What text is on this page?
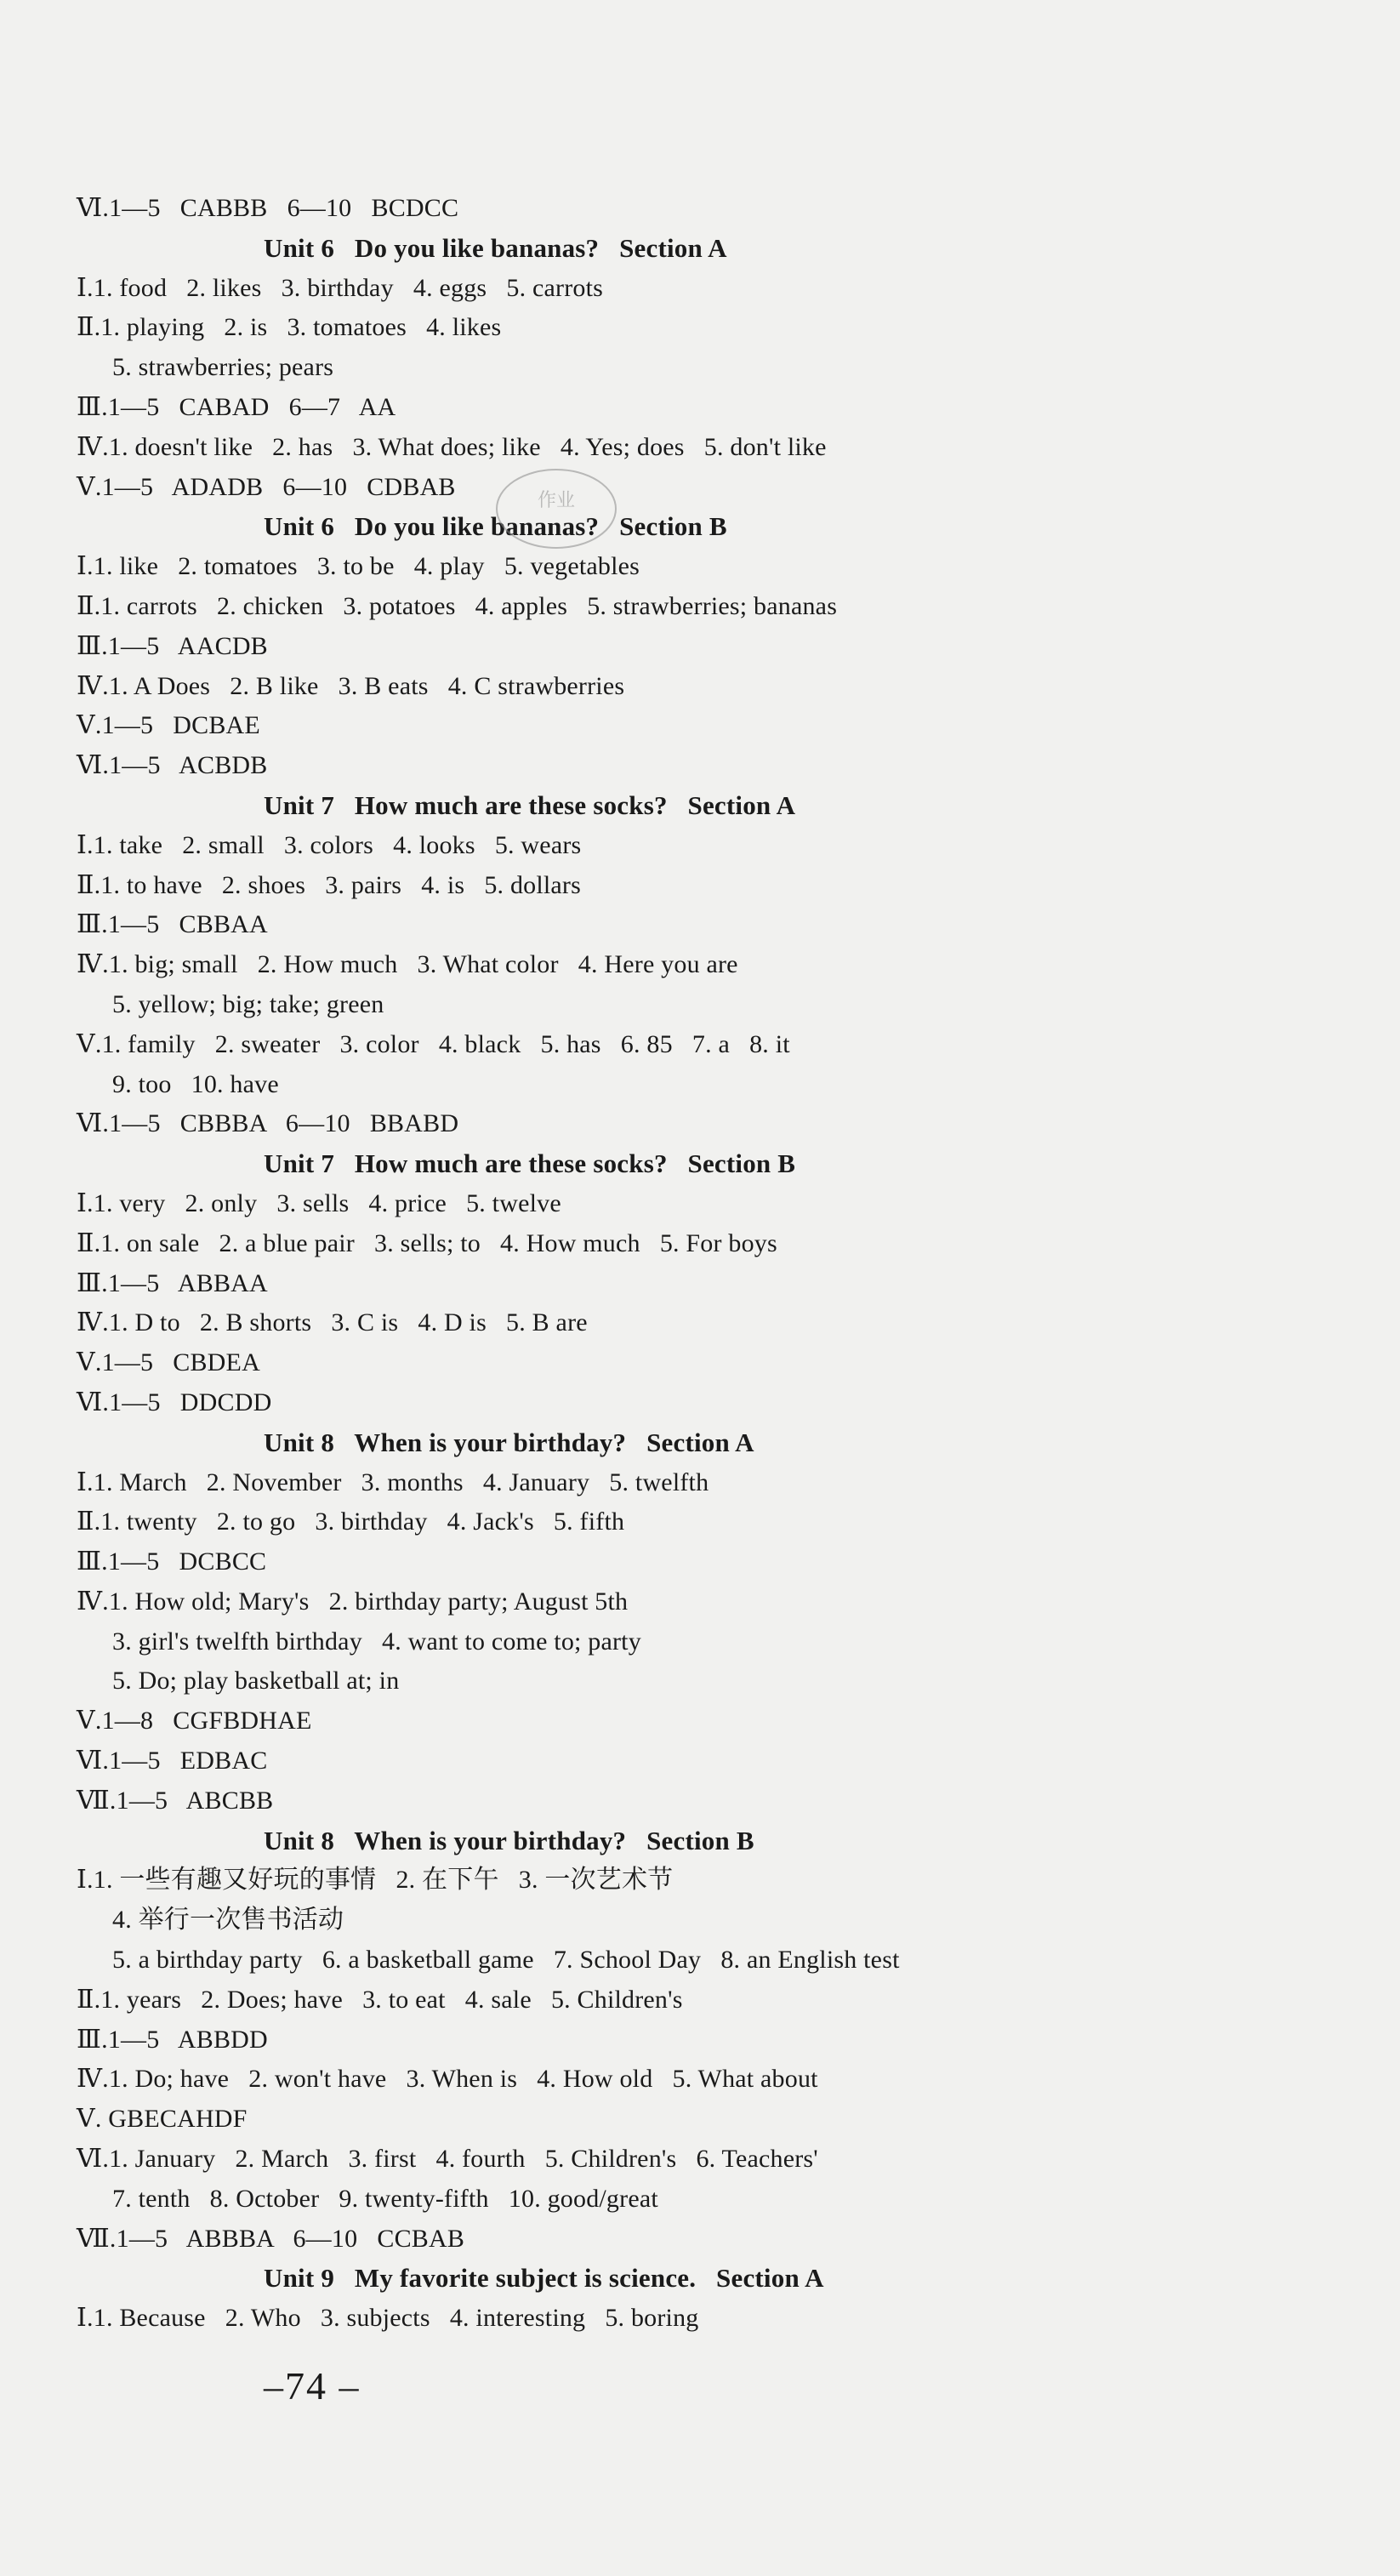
Ⅵ.1—5   CABBB   6—10   BCDCC
Unit 6   Do you like bananas?   Section A
Ⅰ.1. food   2. likes   3. birthday   4. eggs   5. carrots
Ⅱ.1. playing   2. is   3. tomatoes   4. likes
5. strawberries; pears
Ⅲ.1—5   CABAD   6—7   AA
Ⅳ.1. doesn't like   2. has   3. What does; like   4. Yes; does   5. don't like
Ⅴ.1—5   ADADB   6—10   CDBAB
Unit 6   Do you like bananas?   Section B
Ⅰ.1. like   2. tomatoes   3. to be   4. play   5. vegetables
Ⅱ.1. carrots   2. chicken   3. potatoes   4. apples   5. strawberries; bananas
Ⅲ.1—5   AACDB
Ⅳ.1. A Does   2. B like   3. B eats   4. C strawberries
Ⅴ.1—5   DCBAE
Ⅵ.1—5   ACBDB
Unit 7   How much are these socks?   Section A
Ⅰ.1. take   2. small   3. colors   4. looks   5. wears
Ⅱ.1. to have   2. shoes   3. pairs   4. is   5. dollars
Ⅲ.1—5   CBBAA
Ⅳ.1. big; small   2. How much   3. What color   4. Here you are
5. yellow; big; take; green
Ⅴ.1. family   2. sweater   3. color   4. black   5. has   6. 85   7. a   8. it
9. too   10. have
Ⅵ.1—5   CBBBA   6—10   BBABD
Unit 7   How much are these socks?   Section B
Ⅰ.1. very   2. only   3. sells   4. price   5. twelve
Ⅱ.1. on sale   2. a blue pair   3. sells; to   4. How much   5. For boys
Ⅲ.1—5   ABBAA
Ⅳ.1. D to   2. B shorts   3. C is   4. D is   5. B are
Ⅴ.1—5   CBDEA
Ⅵ.1—5   DDCDD
Unit 8   When is your birthday?   Section A
Ⅰ.1. March   2. November   3. months   4. January   5. twelfth
Ⅱ.1. twenty   2. to go   3. birthday   4. Jack's   5. fifth
Ⅲ.1—5   DCBCC
Ⅳ.1. How old; Mary's   2. birthday party; August 5th
3. girl's twelfth birthday   4. want to come to; party
5. Do; play basketball at; in
Ⅴ.1—8   CGFBDHAE
Ⅵ.1—5   EDBAC
Ⅶ.1—5   ABCBB
Unit 8   When is your birthday?   Section B
Ⅰ.1. 一些有趣又好玩的事情   2. 在下午   3. 一次艺术节
4. 举行一次售书活动
5. a birthday party   6. a basketball game   7. School Day   8. an English test
Ⅱ.1. years   2. Does; have   3. to eat   4. sale   5. Children's
Ⅲ.1—5   ABBDD
Ⅳ.1. Do; have   2. won't have   3. When is   4. How old   5. What about
Ⅴ. GBECAHDF
Ⅵ.1. January   2. March   3. first   4. fourth   5. Children's   6. Teachers'
7. tenth   8. October   9. twenty-fifth   10. good/great
Ⅶ.1—5   ABBBA   6—10   CCBAB
Unit 9   My favorite subject is science.   Section A
Ⅰ.1. Because   2. Who   3. subjects   4. interesting   5. boring
作业
–74 –
